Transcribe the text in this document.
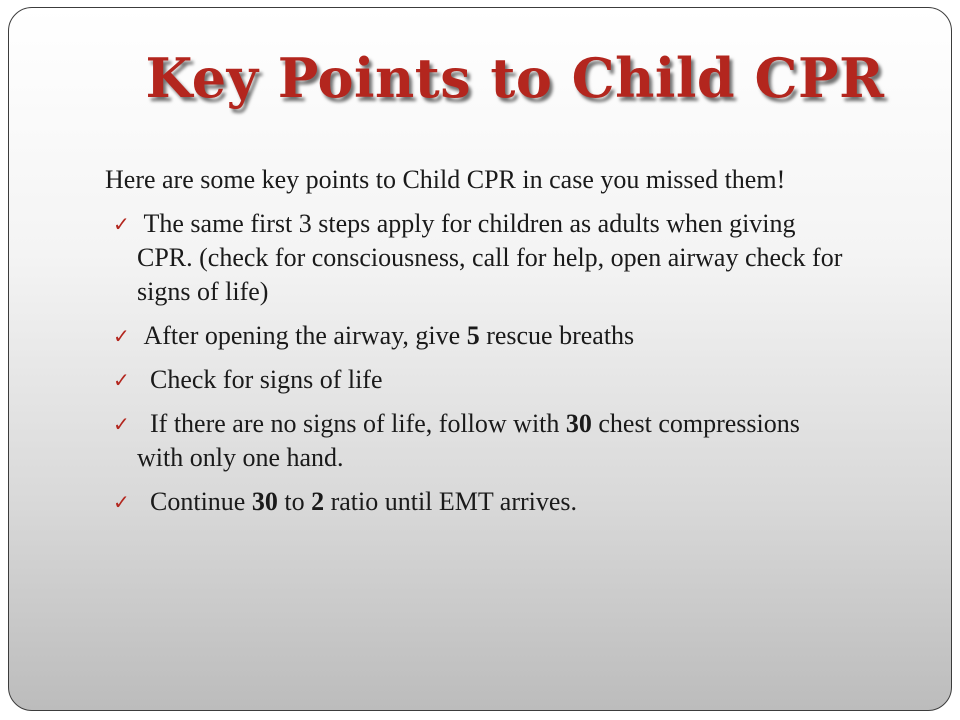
Key Points to Child CPR

Here are some key points to Child CPR in case you missed them!

✓ The same first 3 steps apply for children as adults when giving CPR. (check for consciousness, call for help, open airway check for signs of life)
✓ After opening the airway, give 5 rescue breaths
✓ Check for signs of life
✓ If there are no signs of life, follow with 30 chest compressions with only one hand.
✓ Continue 30 to 2 ratio until EMT arrives.
